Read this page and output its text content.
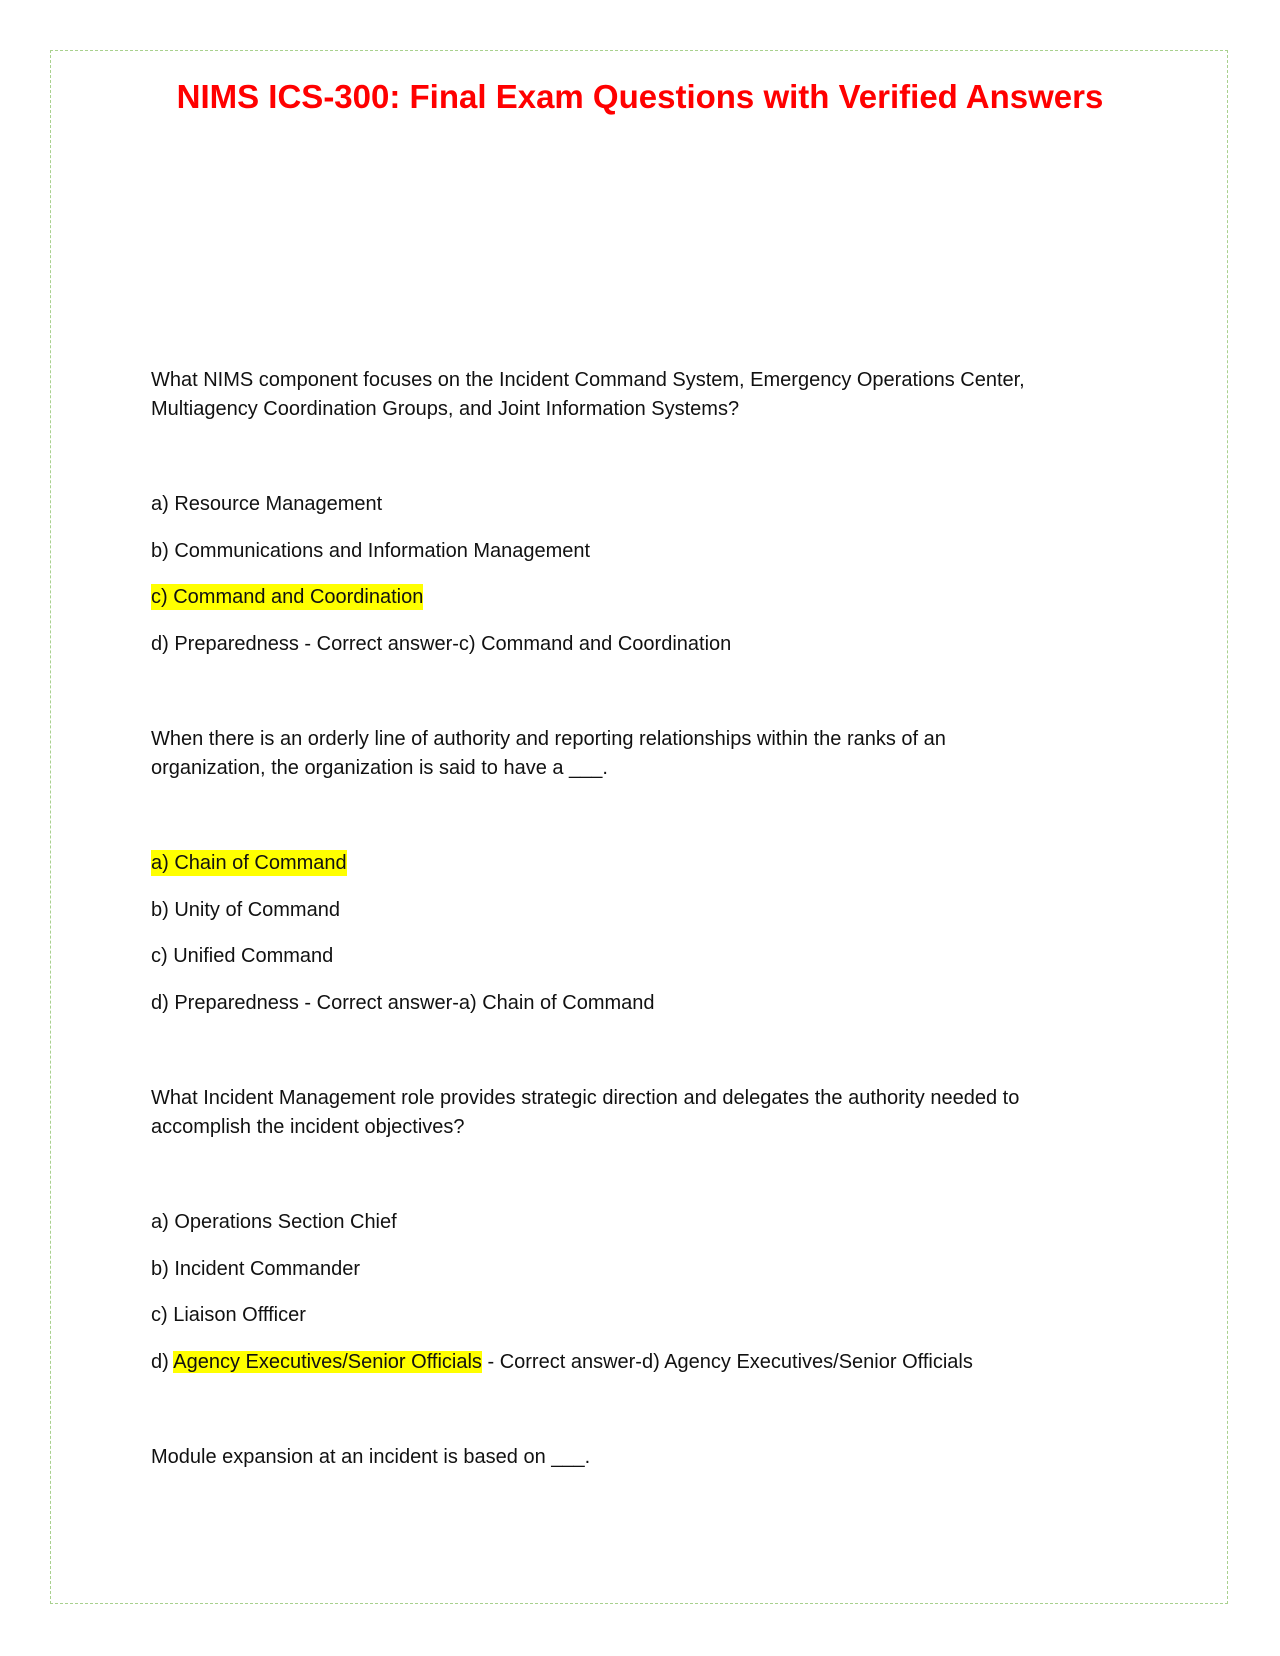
NIMS ICS-300: Final Exam Questions with Verified Answers
What NIMS component focuses on the Incident Command System, Emergency Operations Center,
Multiagency Coordination Groups, and Joint Information Systems?
a) Resource Management
b) Communications and Information Management
c) Command and Coordination
d) Preparedness - Correct answer-c) Command and Coordination
When there is an orderly line of authority and reporting relationships within the ranks of an
organization, the organization is said to have a ___.
a) Chain of Command
b) Unity of Command
c) Unified Command
d) Preparedness - Correct answer-a) Chain of Command
What Incident Management role provides strategic direction and delegates the authority needed to
accomplish the incident objectives?
a) Operations Section Chief
b) Incident Commander
c) Liaison Offficer
d) Agency Executives/Senior Officials - Correct answer-d) Agency Executives/Senior Officials
Module expansion at an incident is based on ___.
